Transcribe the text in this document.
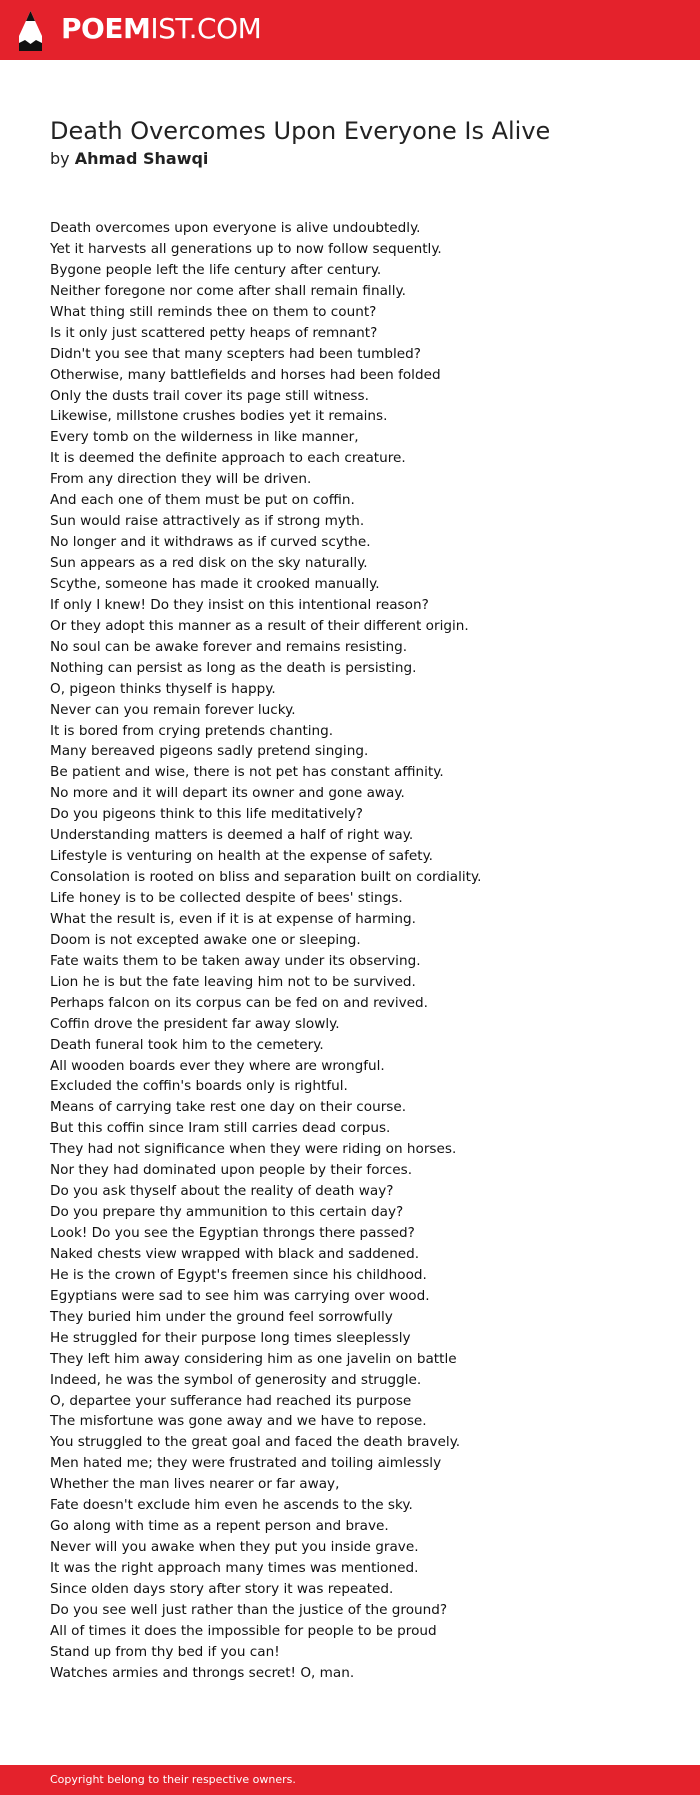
POEMIST.COM
Death Overcomes Upon Everyone Is Alive
by Ahmad Shawqi
Death overcomes upon everyone is alive undoubtedly.
Yet it harvests all generations up to now follow sequently.
Bygone people left the life century after century.
Neither foregone nor come after shall remain finally.
What thing still reminds thee on them to count?
Is it only just scattered petty heaps of remnant?
Didn't you see that many scepters had been tumbled?
Otherwise, many battlefields and horses had been folded
Only the dusts trail cover its page still witness.
Likewise, millstone crushes bodies yet it remains.
Every tomb on the wilderness in like manner,
It is deemed the definite approach to each creature.
From any direction they will be driven.
And each one of them must be put on coffin.
Sun would raise attractively as if strong myth.
No longer and it withdraws as if curved scythe.
Sun appears as a red disk on the sky naturally.
Scythe, someone has made it crooked manually.
If only I knew! Do they insist on this intentional reason?
Or they adopt this manner as a result of their different origin.
No soul can be awake forever and remains resisting.
Nothing can persist as long as the death is persisting.
O, pigeon thinks thyself is happy.
Never can you remain forever lucky.
It is bored from crying pretends chanting.
Many bereaved pigeons sadly pretend singing.
Be patient and wise, there is not pet has constant affinity.
No more and it will depart its owner and gone away.
Do you pigeons think to this life meditatively?
Understanding matters is deemed a half of right way.
Lifestyle is venturing on health at the expense of safety.
Consolation is rooted on bliss and separation built on cordiality.
Life honey is to be collected despite of bees' stings.
What the result is, even if it is at expense of harming.
Doom is not excepted awake one or sleeping.
Fate waits them to be taken away under its observing.
Lion he is but the fate leaving him not to be survived.
Perhaps falcon on its corpus can be fed on and revived.
Coffin drove the president far away slowly.
Death funeral took him to the cemetery.
All wooden boards ever they where are wrongful.
Excluded the coffin's boards only is rightful.
Means of carrying take rest one day on their course.
But this coffin since Iram still carries dead corpus.
They had not significance when they were riding on horses.
Nor they had dominated upon people by their forces.
Do you ask thyself about the reality of death way?
Do you prepare thy ammunition to this certain day?
Look! Do you see the Egyptian throngs there passed?
Naked chests view wrapped with black and saddened.
He is the crown of Egypt's freemen since his childhood.
Egyptians were sad to see him was carrying over wood.
They buried him under the ground feel sorrowfully
He struggled for their purpose long times sleeplessly
They left him away considering him as one javelin on battle
Indeed, he was the symbol of generosity and struggle.
O, departee your sufferance had reached its purpose
The misfortune was gone away and we have to repose.
You struggled to the great goal and faced the death bravely.
Men hated me; they were frustrated and toiling aimlessly
Whether the man lives nearer or far away,
Fate doesn't exclude him even he ascends to the sky.
Go along with time as a repent person and brave.
Never will you awake when they put you inside grave.
It was the right approach many times was mentioned.
Since olden days story after story it was repeated.
Do you see well just rather than the justice of the ground?
All of times it does the impossible for people to be proud
Stand up from thy bed if you can!
Watches armies and throngs secret! O, man.
Copyright belong to their respective owners.
